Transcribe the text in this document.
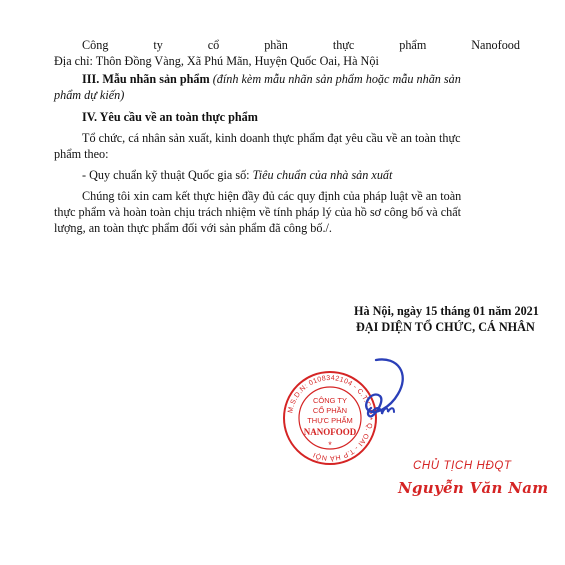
Công	ty	cổ	phần	thực	phẩm	Nanofood
Địa chỉ: Thôn Đồng Vàng, Xã Phú Mãn, Huyện Quốc Oai, Hà Nội
III. Mẫu nhãn sản phẩm (đính kèm mẫu nhãn sản phẩm hoặc mẫu nhãn sản
phẩm dự kiến)
IV. Yêu cầu về an toàn thực phẩm
Tổ chức, cá nhân sản xuất, kinh doanh thực phẩm đạt yêu cầu về an toàn thực
phẩm theo:
- Quy chuẩn kỹ thuật Quốc gia số: Tiêu chuẩn của nhà sản xuất
Chúng tôi xin cam kết thực hiện đầy đủ các quy định của pháp luật về an toàn
thực phẩm và hoàn toàn chịu trách nhiệm về tính pháp lý của hồ sơ công bố và chất
lượng, an toàn thực phẩm đối với sản phẩm đã công bố./.
Hà Nội, ngày 15 tháng 01 năm 2021
ĐẠI DIỆN TỔ CHỨC, CÁ NHÂN
M.S.D.N: 0108342104 - C.T.C.P * Q. OAI - T.P HÀ NỘI
CÔNG TY
CỔ PHẦN
THỰC PHẨM
NANOFOOD
*
CHỦ TỊCH HĐQT
Nguyễn Văn Nam
